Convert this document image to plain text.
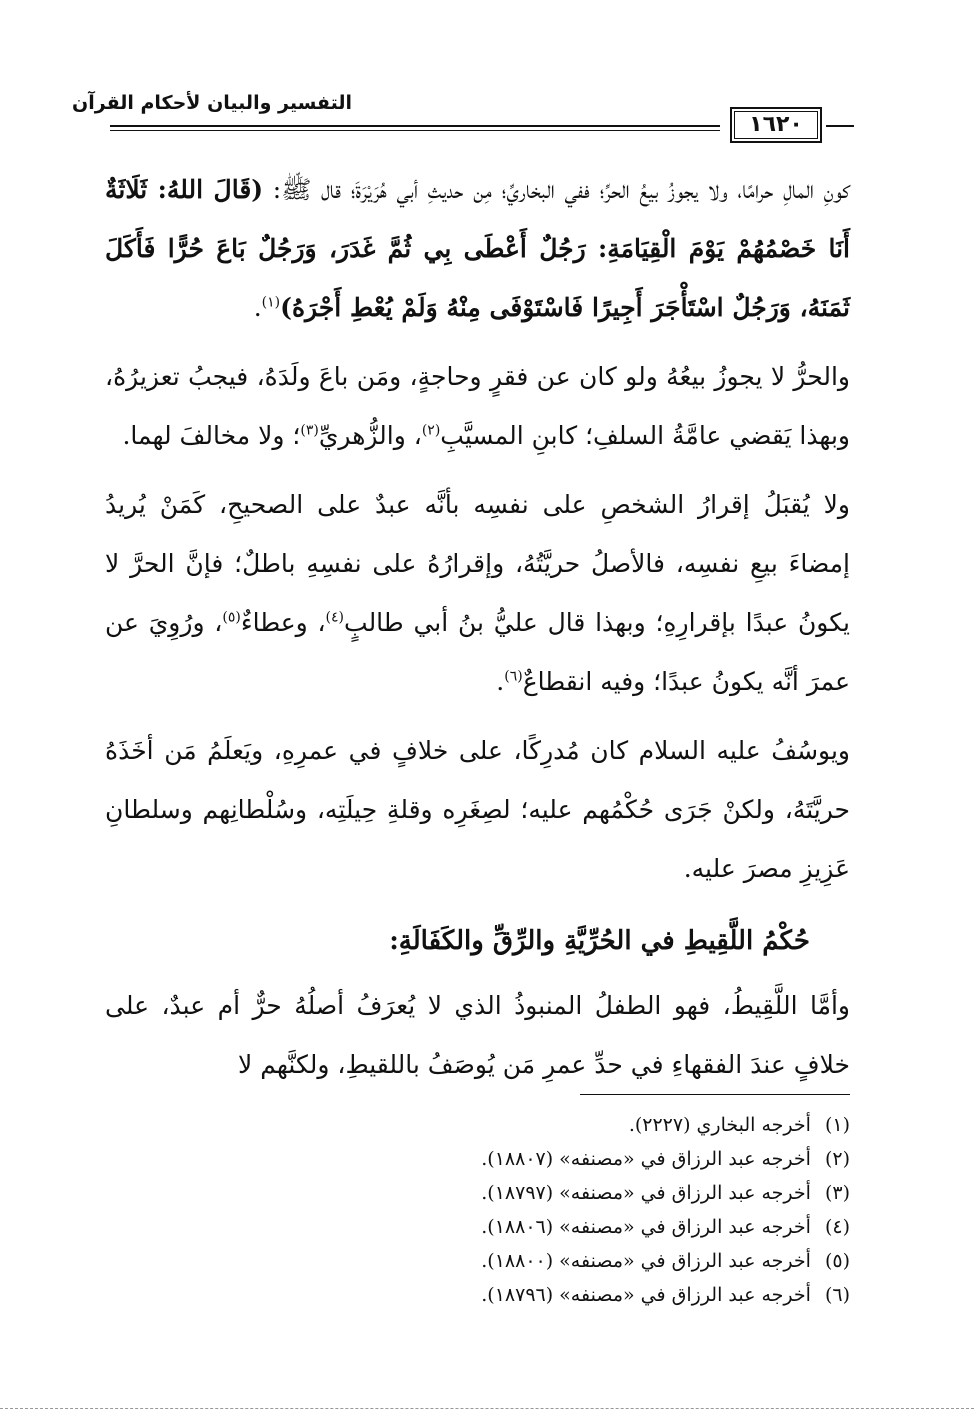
التفسير والبيان لأحكام القرآن
١٦٢٠

كونِ المالِ حرامًا، ولا يجوزُ بيعُ الحرِّ؛ ففي البخاريِّ؛ مِن حديثِ أبي هُرَيْرَةَ؛ قال ﷺ: (قَالَ اللهُ: ثَلَاثَةٌ أَنَا خَصْمُهُمْ يَوْمَ الْقِيَامَةِ: رَجُلٌ أَعْطَى بِي ثُمَّ غَدَرَ، وَرَجُلٌ بَاعَ حُرًّا فَأَكَلَ ثَمَنَهُ، وَرَجُلٌ اسْتَأْجَرَ أَجِيرًا فَاسْتَوْفَى مِنْهُ وَلَمْ يُعْطِ أَجْرَهُ)$^{(١)}$.

والحرُّ لا يجوزُ بيعُهُ ولو كان عن فقرٍ وحاجةٍ، ومَن باعَ ولَدَهُ، فيجبُ تعزيرُهُ، وبهذا يَقضي عامَّةُ السلفِ؛ كابنِ المسيَّبِ$^{(٢)}$، والزُّهريِّ$^{(٣)}$؛ ولا مخالفَ لهما.

ولا يُقبَلُ إقرارُ الشخصِ على نفسِه بأنَّه عبدٌ على الصحيحِ، كَمَنْ يُريدُ إمضاءَ بيعِ نفسِه، فالأصلُ حريَّتُهُ، وإقرارُهُ على نفسِهِ باطلٌ؛ فإنَّ الحرَّ لا يكونُ عبدًا بإقرارِهِ؛ وبهذا قال عليُّ بنُ أبي طالبٍ$^{(٤)}$، وعطاءٌ$^{(٥)}$، ورُوِيَ عن عمرَ أنَّه يكونُ عبدًا؛ وفيه انقطاعٌ$^{(٦)}$.

ويوسُفُ عليه السلام كان مُدرِكًا، على خلافٍ في عمرِهِ، ويَعلَمُ مَن أخَذَهُ حريَّتَهُ، ولكنْ جَرَى حُكْمُهم عليه؛ لصِغَرِه وقلةِ حِيلَتِه، وسُلْطانِهم وسلطانِ عَزِيزِ مصرَ عليه.

حُكْمُ اللَّقِيطِ في الحُرِّيَّةِ والرِّقِّ والكَفَالَةِ:

وأمَّا اللَّقِيطُ، فهو الطفلُ المنبوذُ الذي لا يُعرَفُ أصلُهُ حرٌّ أم عبدٌ، على خلافٍ عندَ الفقهاءِ في حدِّ عمرِ مَن يُوصَفُ باللقيطِ، ولكنَّهم لا

(١)أخرجه البخاري (٢٢٢٧).
(٢)أخرجه عبد الرزاق في «مصنفه» (١٨٨٠٧).
(٣)أخرجه عبد الرزاق في «مصنفه» (١٨٧٩٧).
(٤)أخرجه عبد الرزاق في «مصنفه» (١٨٨٠٦).
(٥)أخرجه عبد الرزاق في «مصنفه» (١٨٨٠٠).
(٦)أخرجه عبد الرزاق في «مصنفه» (١٨٧٩٦).
